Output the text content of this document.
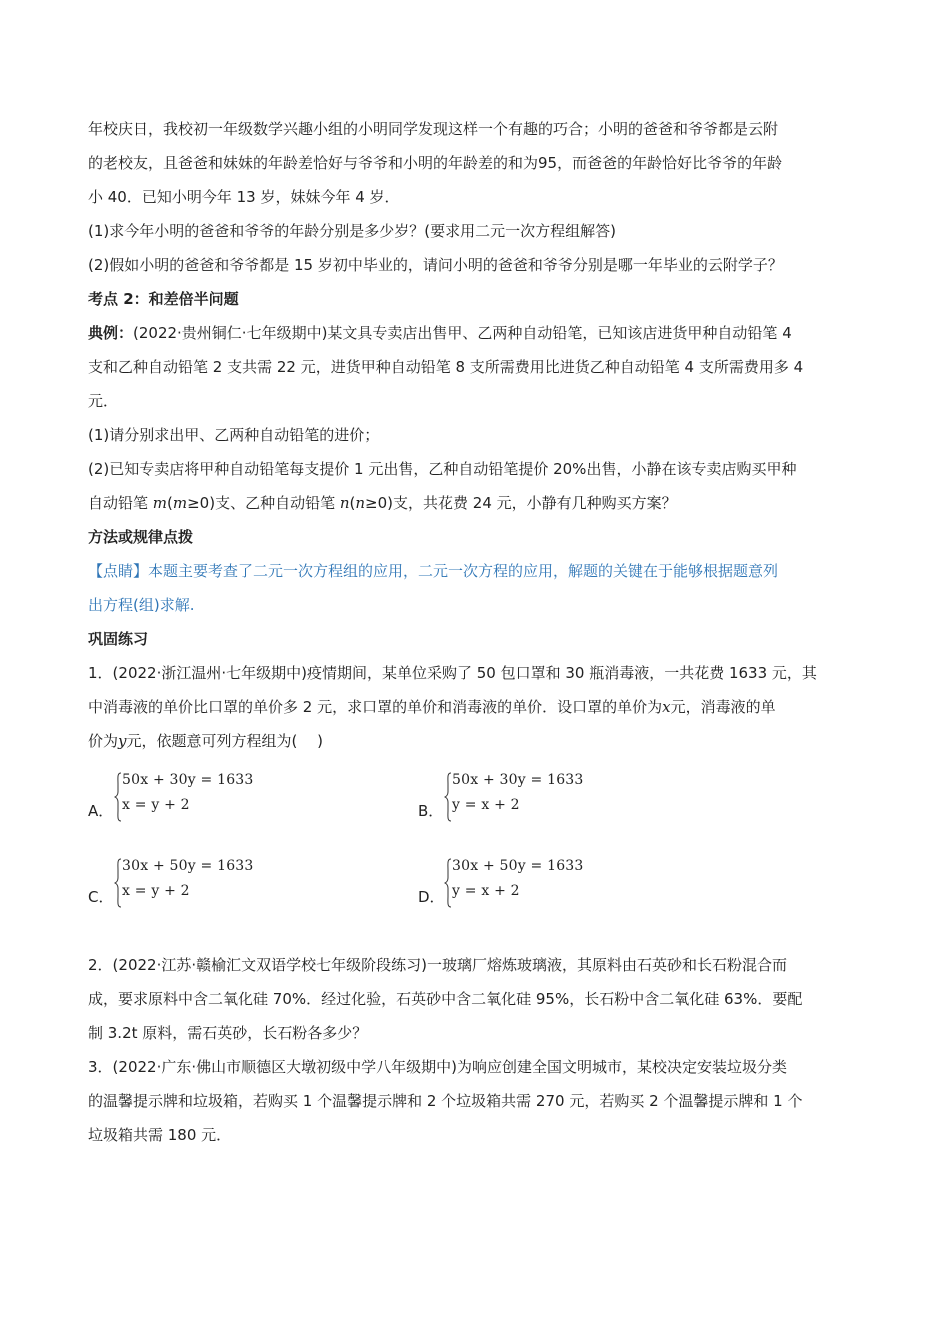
年校庆日，我校初一年级数学兴趣小组的小明同学发现这样一个有趣的巧合；小明的爸爸和爷爷都是云附

的老校友，且爸爸和妹妹的年龄差恰好与爷爷和小明的年龄差的和为95，而爸爸的年龄恰好比爷爷的年龄

小 40．已知小明今年 13 岁，妹妹今年 4 岁．

(1)求今年小明的爸爸和爷爷的年龄分别是多少岁？(要求用二元一次方程组解答)

(2)假如小明的爸爸和爷爷都是 15 岁初中毕业的，请问小明的爸爸和爷爷分别是哪一年毕业的云附学子？

考点 2：和差倍半问题

典例：(2022·贵州铜仁·七年级期中)某文具专卖店出售甲、乙两种自动铅笔，已知该店进货甲种自动铅笔 4

支和乙种自动铅笔 2 支共需 22 元，进货甲种自动铅笔 8 支所需费用比进货乙种自动铅笔 4 支所需费用多 4

元．

(1)请分别求出甲、乙两种自动铅笔的进价；

(2)已知专卖店将甲种自动铅笔每支提价 1 元出售，乙种自动铅笔提价 20%出售，小静在该专卖店购买甲种

自动铅笔 m(m≥0)支、乙种自动铅笔 n(n≥0)支，共花费 24 元，小静有几种购买方案？

方法或规律点拨

【点睛】本题主要考查了二元一次方程组的应用，二元一次方程的应用，解题的关键在于能够根据题意列

出方程(组)求解.

巩固练习

1．(2022·浙江温州·七年级期中)疫情期间，某单位采购了 50 包口罩和 30 瓶消毒液，一共花费 1633 元，其

中消毒液的单价比口罩的单价多 2 元，求口罩的单价和消毒液的单价．设口罩的单价为x元，消毒液的单

价为y元，依题意可列方程组为(　 )

A．
50x + 30y = 1633
x = y + 2	B．
50x + 30y = 1633
y = x + 2
C．
30x + 50y = 1633
x = y + 2	D．
30x + 50y = 1633
y = x + 2

2．(2022·江苏·赣榆汇文双语学校七年级阶段练习)一玻璃厂熔炼玻璃液，其原料由石英砂和长石粉混合而

成，要求原料中含二氧化硅 70%．经过化验，石英砂中含二氧化硅 95%，长石粉中含二氧化硅 63%．要配

制 3.2t 原料，需石英砂，长石粉各多少？

3．(2022·广东·佛山市顺德区大墩初级中学八年级期中)为响应创建全国文明城市，某校决定安装垃圾分类

的温馨提示牌和垃圾箱，若购买 1 个温馨提示牌和 2 个垃圾箱共需 270 元，若购买 2 个温馨提示牌和 1 个

垃圾箱共需 180 元．
